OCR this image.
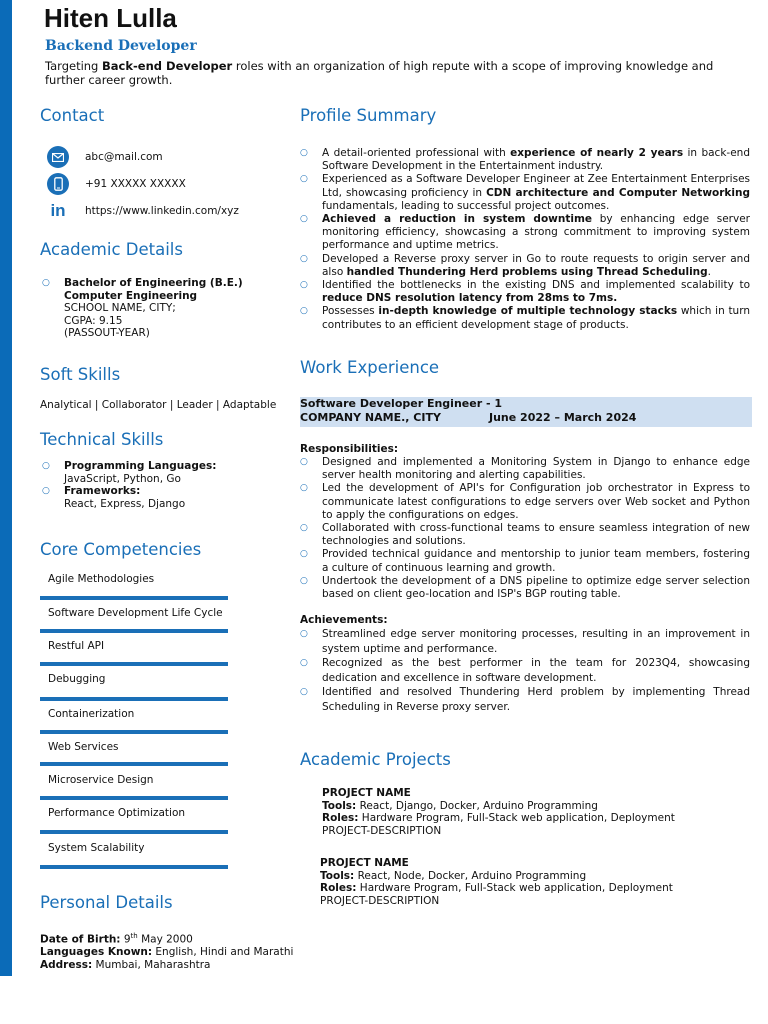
Hiten Lulla
Backend Developer

Targeting Back-end Developer roles with an organization of high repute with a scope of improving knowledge and further career growth.

Contact
abc@mail.com
+91 XXXXX XXXXX
in	https://www.linkedin.com/xyz
Academic Details
○ Bachelor of Engineering (B.E.)
Computer Engineering
SCHOOL NAME, CITY;
CGPA: 9.15
(PASSOUT-YEAR)
Soft Skills
Analytical | Collaborator | Leader | Adaptable
Technical Skills
○ Programming Languages:
JavaScript, Python, Go
○ Frameworks:
React, Express, Django
Core Competencies
Agile Methodologies
Software Development Life Cycle
Restful API
Debugging
Containerization
Web Services
Microservice Design
Performance Optimization
System Scalability
Personal Details
Date of Birth: 9th May 2000
Languages Known: English, Hindi and Marathi
Address: Mumbai, Maharashtra
Profile Summary
○ A detail-oriented professional with experience of nearly 2 years in back-end Software Development in the Entertainment industry.
○ Experienced as a Software Developer Engineer at Zee Entertainment Enterprises Ltd, showcasing proficiency in CDN architecture and Computer Networking fundamentals, leading to successful project outcomes.
○ Achieved a reduction in system downtime by enhancing edge server monitoring efficiency, showcasing a strong commitment to improving system performance and uptime metrics.
○ Developed a Reverse proxy server in Go to route requests to origin server and also handled Thundering Herd problems using Thread Scheduling.
○ Identified the bottlenecks in the existing DNS and implemented scalability to reduce DNS resolution latency from 28ms to 7ms.
○ Possesses in-depth knowledge of multiple technology stacks which in turn contributes to an efficient development stage of products.
Work Experience
Software Developer Engineer - 1
COMPANY NAME., CITY	June 2022 – March 2024
Responsibilities:
○ Designed and implemented a Monitoring System in Django to enhance edge server health monitoring and alerting capabilities.
○ Led the development of API's for Configuration job orchestrator in Express to communicate latest configurations to edge servers over Web socket and Python to apply the configurations on edges.
○ Collaborated with cross-functional teams to ensure seamless integration of new technologies and solutions.
○ Provided technical guidance and mentorship to junior team members, fostering a culture of continuous learning and growth.
○ Undertook the development of a DNS pipeline to optimize edge server selection based on client geo-location and ISP's BGP routing table.
Achievements:
○ Streamlined edge server monitoring processes, resulting in an improvement in system uptime and performance.
○ Recognized as the best performer in the team for 2023Q4, showcasing dedication and excellence in software development.
○ Identified and resolved Thundering Herd problem by implementing Thread Scheduling in Reverse proxy server.
Academic Projects
PROJECT NAME
Tools: React, Django, Docker, Arduino Programming
Roles: Hardware Program, Full-Stack web application, Deployment
PROJECT-DESCRIPTION
PROJECT NAME
Tools: React, Node, Docker, Arduino Programming
Roles: Hardware Program, Full-Stack web application, Deployment
PROJECT-DESCRIPTION
